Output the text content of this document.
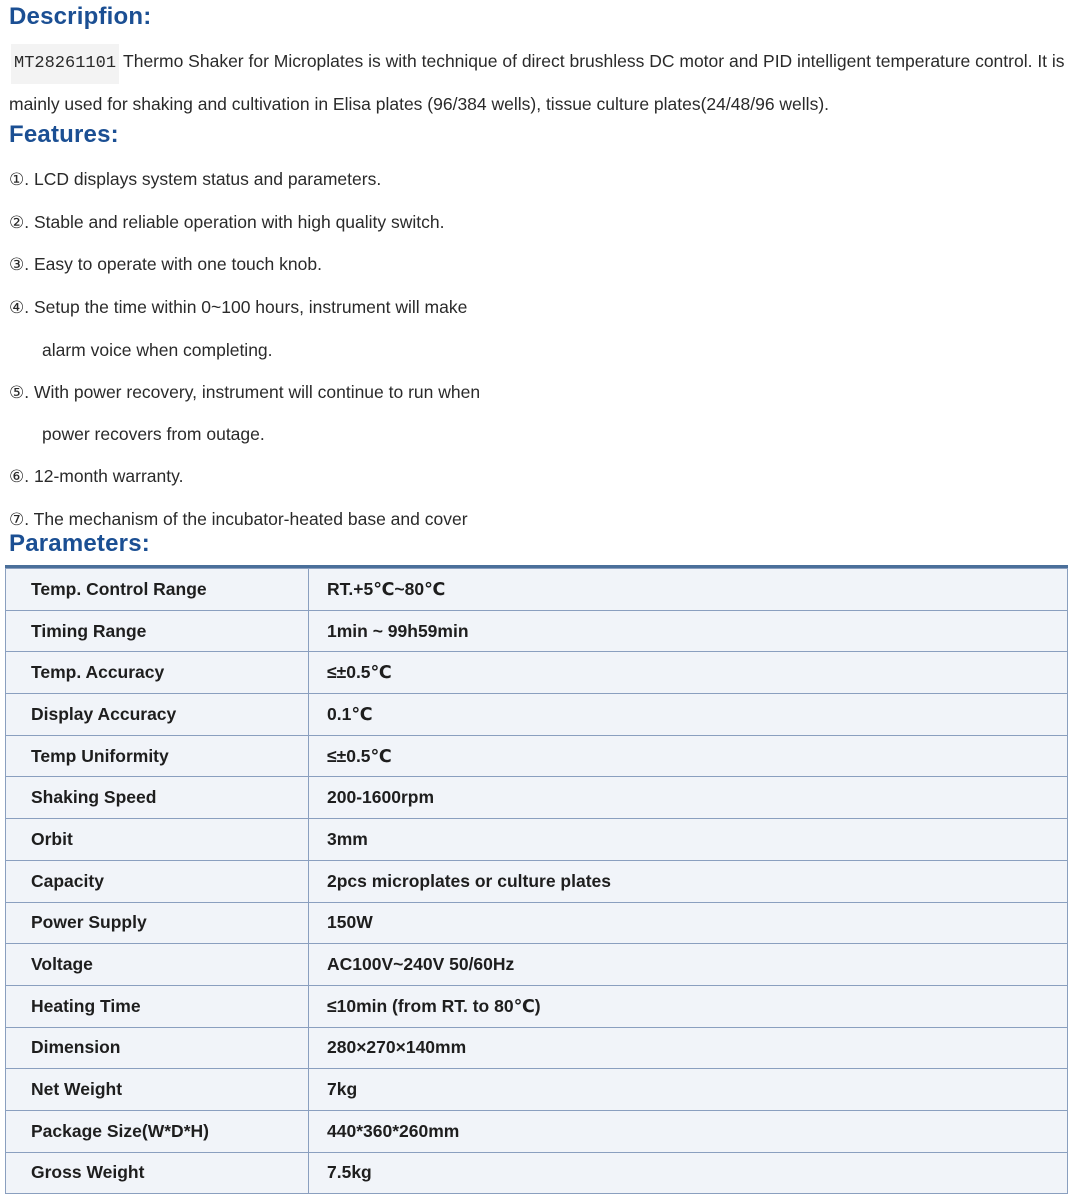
Descripfion:

MT28261101 Thermo Shaker for Microplates is with technique of direct brushless DC motor and PID intelligent temperature control. It is mainly used for shaking and cultivation in Elisa plates (96/384 wells), tissue culture plates(24/48/96 wells).

Features:
①. LCD displays system status and parameters.
②. Stable and reliable operation with high quality switch.
③. Easy to operate with one touch knob.
④. Setup the time within 0~100 hours, instrument will make
alarm voice when completing.
⑤. With power recovery, instrument will continue to run when
power recovers from outage.
⑥. 12-month warranty.
⑦. The mechanism of the incubator-heated base and cover
Parameters:
Temp. Control Range	RT.+5℃~80℃
Timing Range	1min ~ 99h59min
Temp. Accuracy	≤±0.5℃
Display Accuracy	0.1℃
Temp Uniformity	≤±0.5℃
Shaking Speed	200-1600rpm
Orbit	3mm
Capacity	2pcs microplates or culture plates
Power Supply	150W
Voltage	AC100V~240V 50/60Hz
Heating Time	≤10min (from RT. to 80℃)
Dimension	280×270×140mm
Net Weight	7kg
Package Size(W*D*H)	440*360*260mm
Gross Weight	7.5kg
